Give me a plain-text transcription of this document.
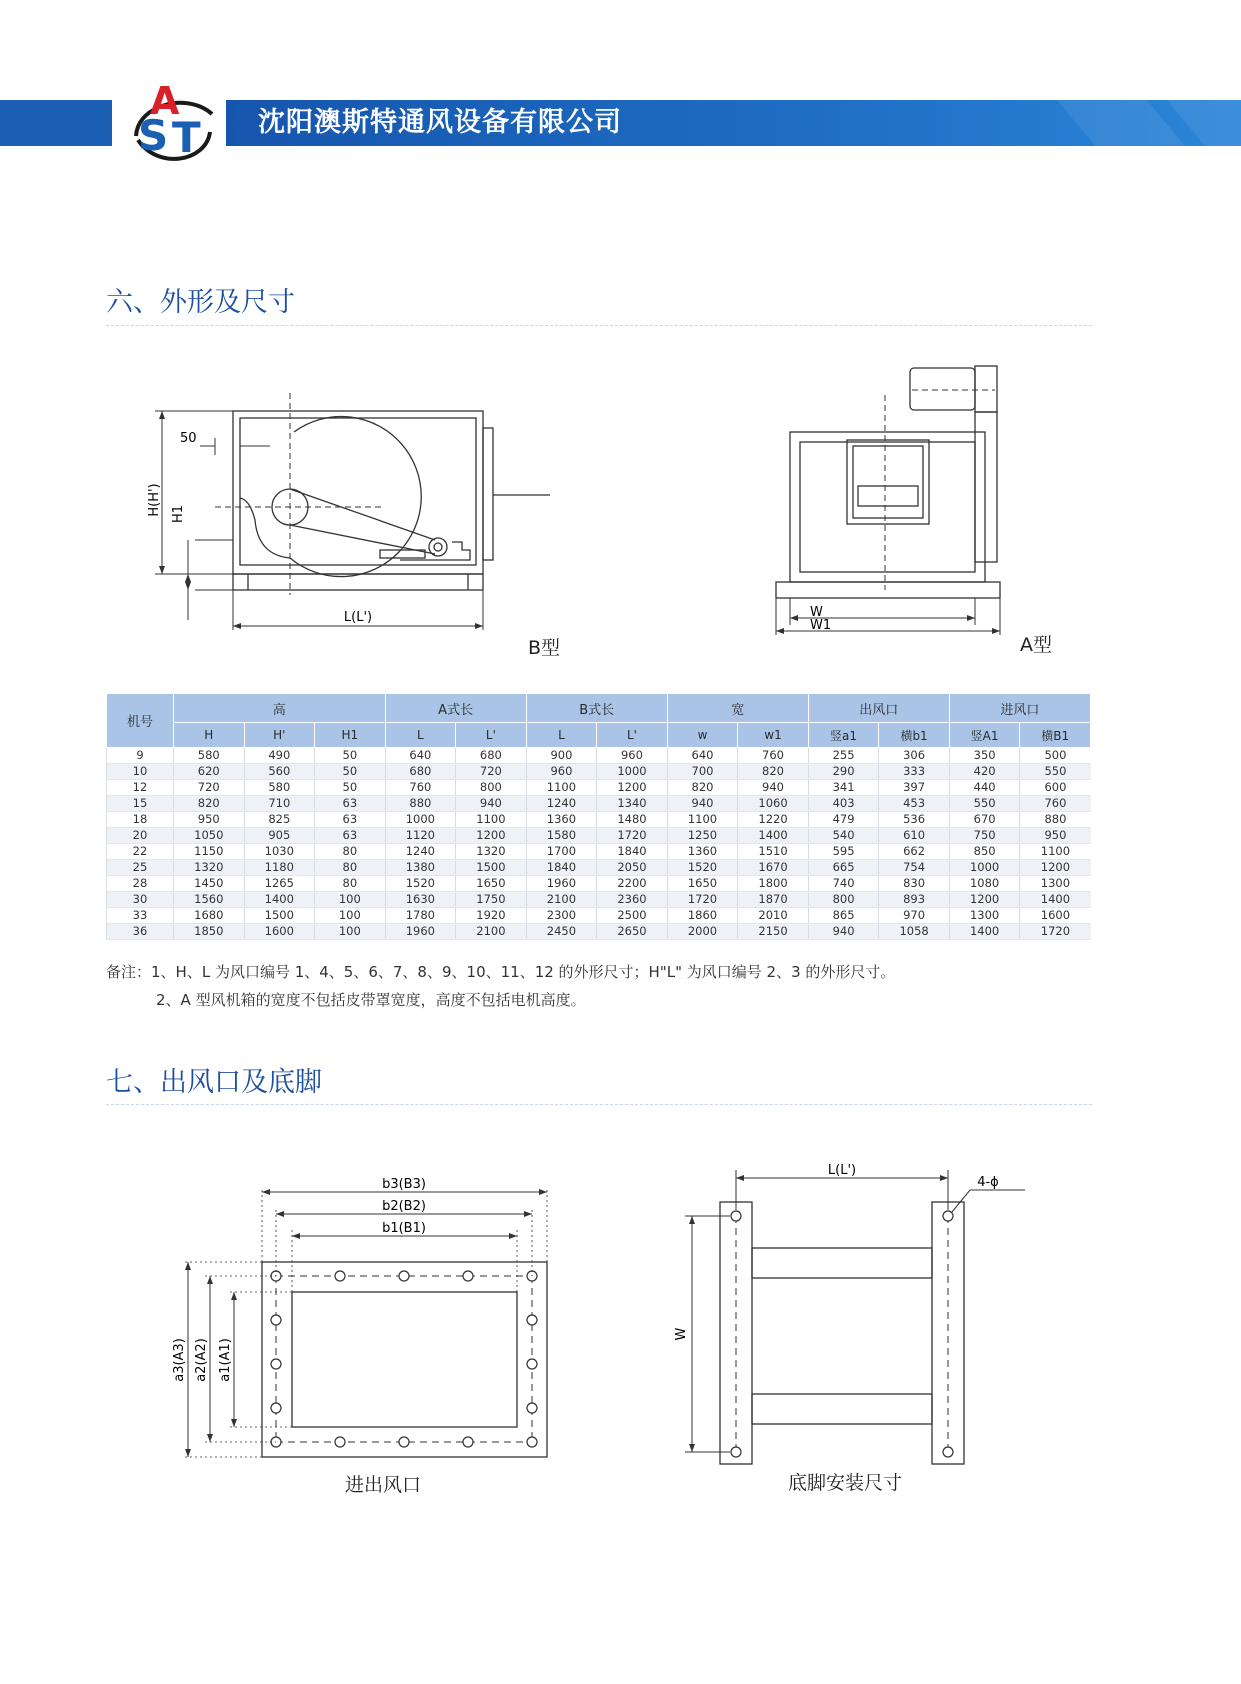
A
S T 沈阳澳斯特通风设备有限公司
六、外形及尺寸
50
H(H') H1
L(L')
B型
W
W1
A型
机号	高			A式长		B式长		宽		出风口		进风口	
	H	H'	H1	L	L'	L	L'	w	w1	竖a1	横b1	竖A1	横B1
9	580	490	50	640	680	900	960	640	760	255	306	350	500
10	620	560	50	680	720	960	1000	700	820	290	333	420	550
12	720	580	50	760	800	1100	1200	820	940	341	397	440	600
15	820	710	63	880	940	1240	1340	940	1060	403	453	550	760
18	950	825	63	1000	1100	1360	1480	1100	1220	479	536	670	880
20	1050	905	63	1120	1200	1580	1720	1250	1400	540	610	750	950
22	1150	1030	80	1240	1320	1700	1840	1360	1510	595	662	850	1100
25	1320	1180	80	1380	1500	1840	2050	1520	1670	665	754	1000	1200
28	1450	1265	80	1520	1650	1960	2200	1650	1800	740	830	1080	1300
30	1560	1400	100	1630	1750	2100	2360	1720	1870	800	893	1200	1400
33	1680	1500	100	1780	1920	2300	2500	1860	2010	865	970	1300	1600
36	1850	1600	100	1960	2100	2450	2650	2000	2150	940	1058	1400	1720
备注：1、H、L 为风口编号 1、4、5、6、7、8、9、10、11、12 的外形尺寸；H"L" 为风口编号 2、3 的外形尺寸。
2、A 型风机箱的宽度不包括皮带罩宽度，高度不包括电机高度。
七、出风口及底脚
b3(B3)
b2(B2)
b1(B1)
a3(A3) a2(A2) a1(A1)
进出风口
L(L')
W
4-ϕ
底脚安装尺寸
